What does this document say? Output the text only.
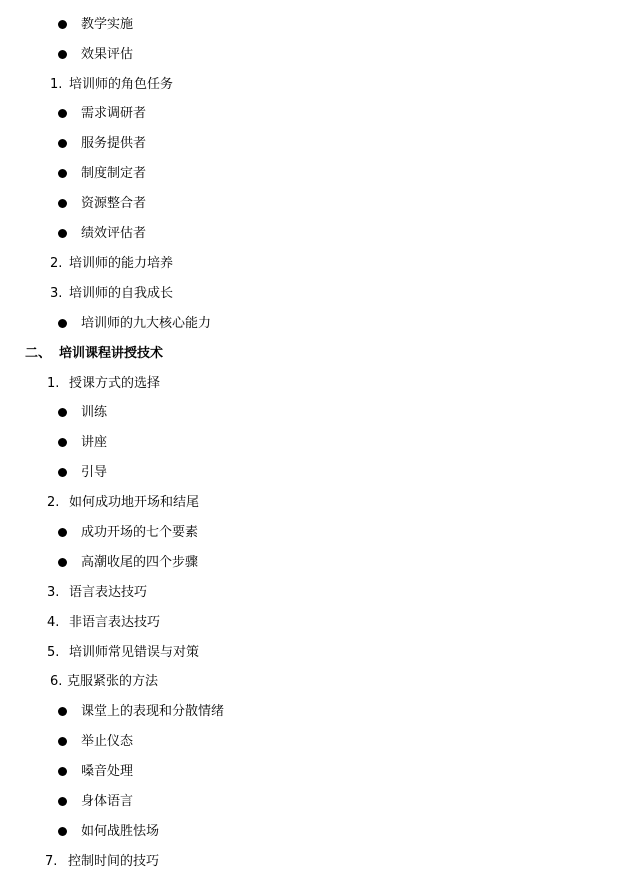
教学实施
效果评估
1. 培训师的角色任务
需求调研者
服务提供者
制度制定者
资源整合者
绩效评估者
2. 培训师的能力培养
3. 培训师的自我成长
培训师的九大核心能力
二、 培训课程讲授技术
1. 授课方式的选择
训练
讲座
引导
2. 如何成功地开场和结尾
成功开场的七个要素
高潮收尾的四个步骤
3. 语言表达技巧
4. 非语言表达技巧
5. 培训师常见错误与对策
6. 克服紧张的方法
课堂上的表现和分散情绪
举止仪态
嗓音处理
身体语言
如何战胜怯场
7. 控制时间的技巧
